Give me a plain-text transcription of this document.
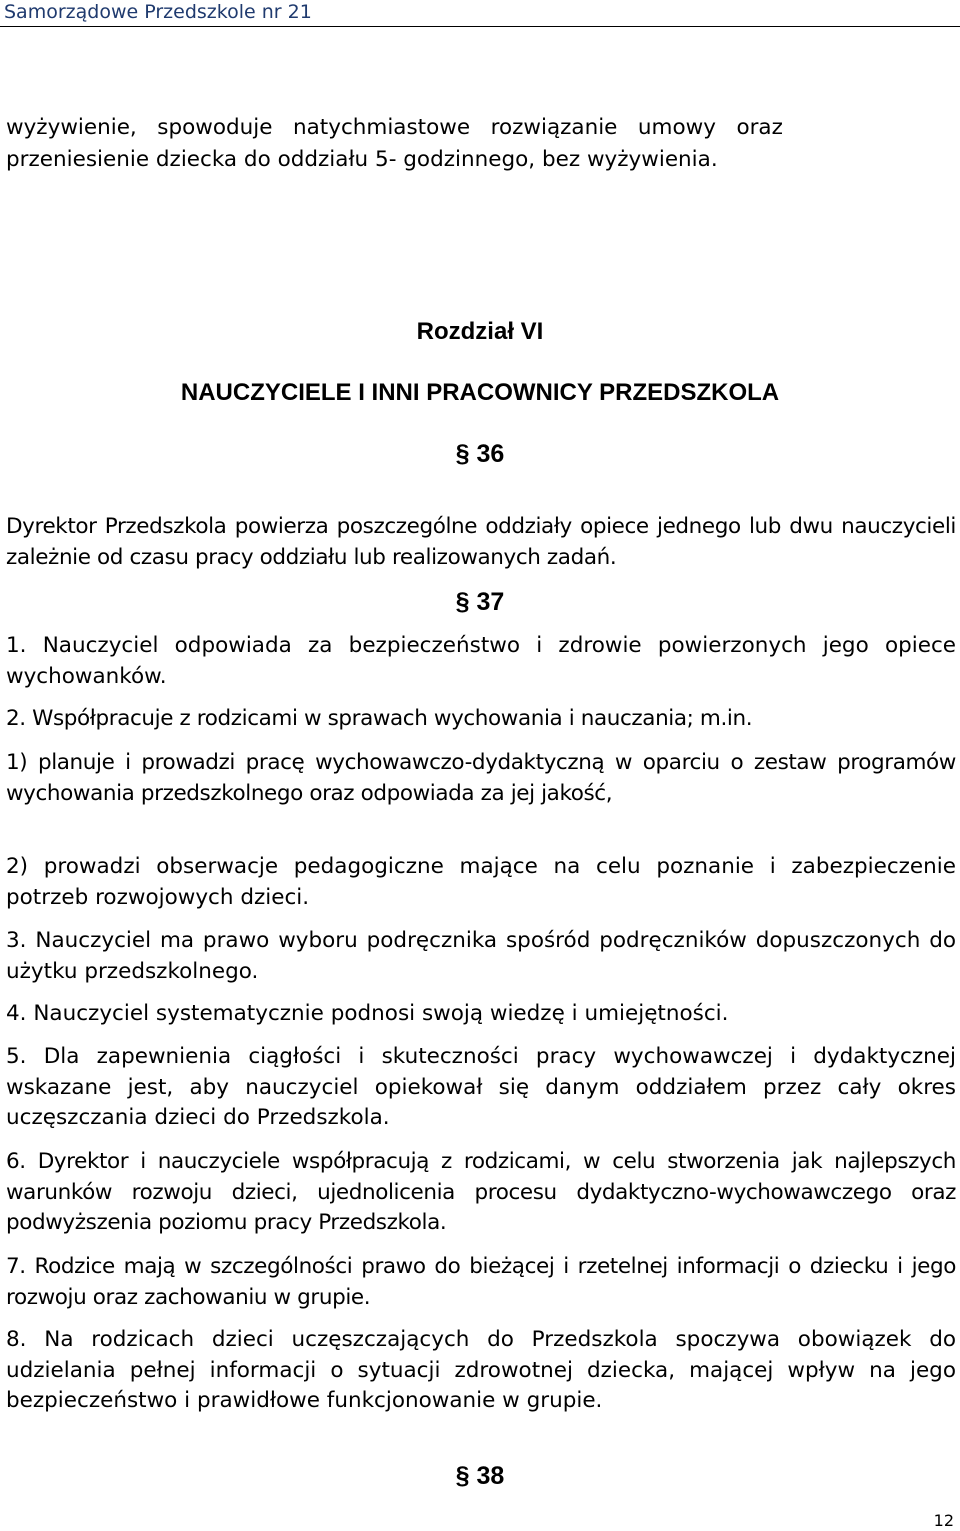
Samorządowe Przedszkole nr 21

wyżywienie,   spowoduje   natychmiastowe   rozwiązanie   umowy   oraz

przeniesienie dziecka do oddziału 5- godzinnego, bez wyżywienia.

Rozdział VI

NAUCZYCIELE I INNI PRACOWNICY PRZEDSZKOLA

§ 36

Dyrektor Przedszkola powierza poszczególne oddziały opiece jednego lub dwu nauczycieli zależnie od czasu pracy oddziału lub realizowanych zadań.

§ 37

1. Nauczyciel odpowiada za bezpieczeństwo i zdrowie powierzonych jego opiece wychowanków.

2. Współpracuje z rodzicami w sprawach wychowania i nauczania; m.in.

1) planuje i prowadzi pracę wychowawczo-dydaktyczną w oparciu o zestaw programów wychowania przedszkolnego oraz odpowiada za jej jakość,

2) prowadzi obserwacje pedagogiczne mające na celu poznanie i zabezpieczenie potrzeb rozwojowych dzieci.

3. Nauczyciel ma prawo wyboru podręcznika spośród podręczników dopuszczonych do użytku przedszkolnego.

4. Nauczyciel systematycznie podnosi swoją wiedzę i umiejętności.

5. Dla zapewnienia ciągłości i skuteczności pracy wychowawczej i dydaktycznej wskazane jest, aby nauczyciel opiekował się danym oddziałem przez cały okres uczęszczania dzieci do Przedszkola.

6. Dyrektor i nauczyciele współpracują z rodzicami, w celu stworzenia jak najlepszych warunków rozwoju dzieci, ujednolicenia procesu dydaktyczno-wychowawczego oraz podwyższenia poziomu pracy Przedszkola.

7. Rodzice mają w szczególności prawo do bieżącej i rzetelnej informacji o dziecku i jego rozwoju oraz zachowaniu w grupie.

8. Na rodzicach dzieci uczęszczających do Przedszkola spoczywa obowiązek do udzielania pełnej informacji o sytuacji zdrowotnej dziecka, mającej wpływ na jego bezpieczeństwo i prawidłowe funkcjonowanie w grupie.

§ 38

12
